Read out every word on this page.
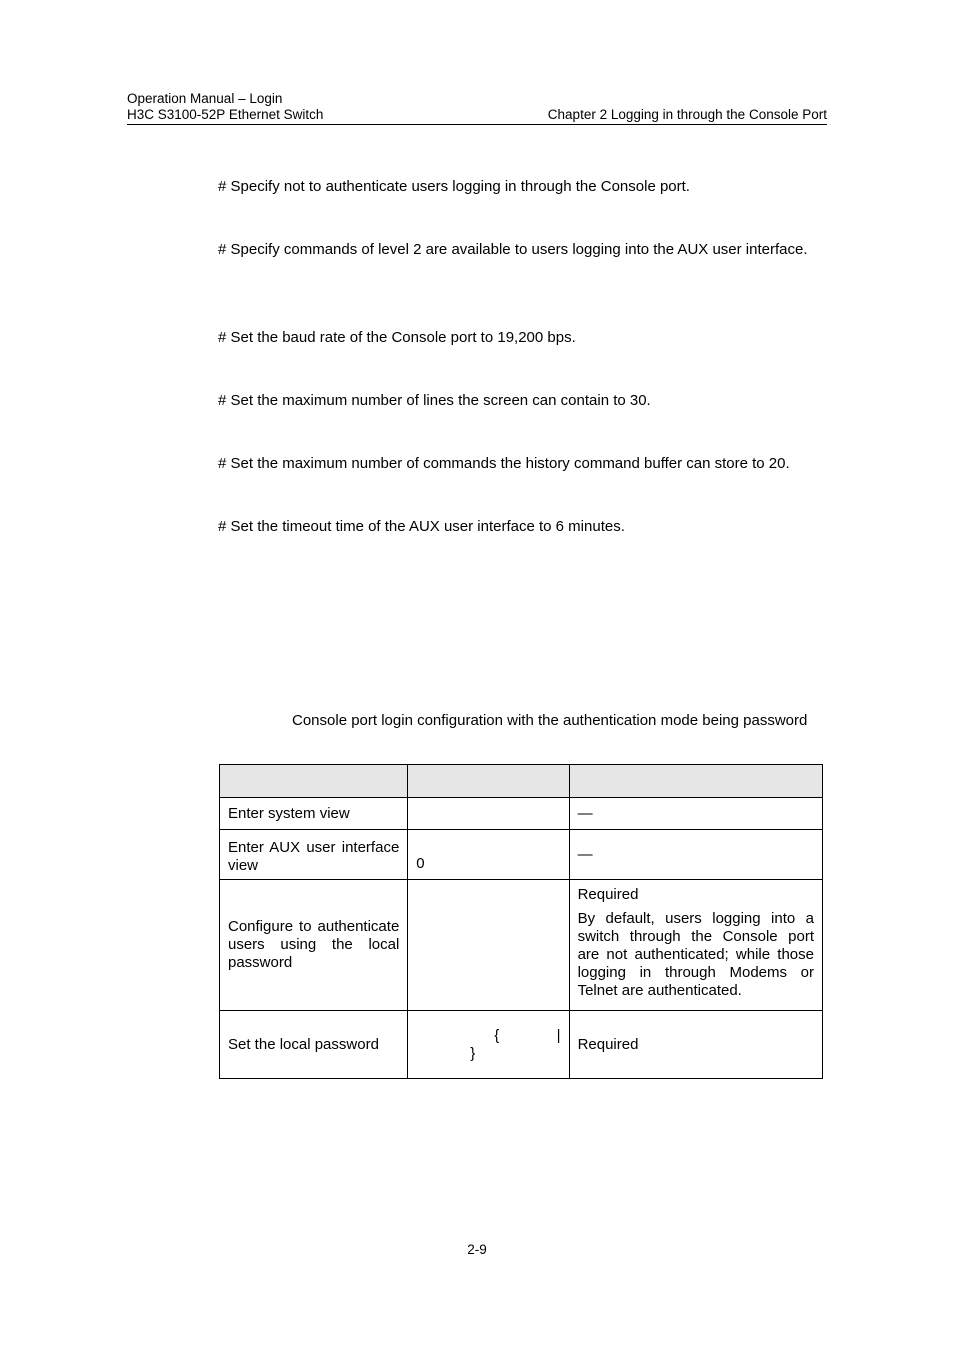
Operation Manual – Login
H3C S3100-52P Ethernet Switch	Chapter 2 Logging in through the Console Port
# Specify not to authenticate users logging in through the Console port.
# Specify commands of level 2 are available to users logging into the AUX user interface.
# Set the baud rate of the Console port to 19,200 bps.
# Set the maximum number of lines the screen can contain to 30.
# Set the maximum number of commands the history command buffer can store to 20.
# Set the timeout time of the AUX user interface to 6 minutes.
Console port login configuration with the authentication mode being password

Enter system view		—

Enter AUX user interface view	0	—
Configure to authenticate users using the local password		Required
By default, users logging into a switch through the Console port are not authenticated; while those logging in through Modems or Telnet are authenticated.

Set the local password	{ |
}	Required
2-9
